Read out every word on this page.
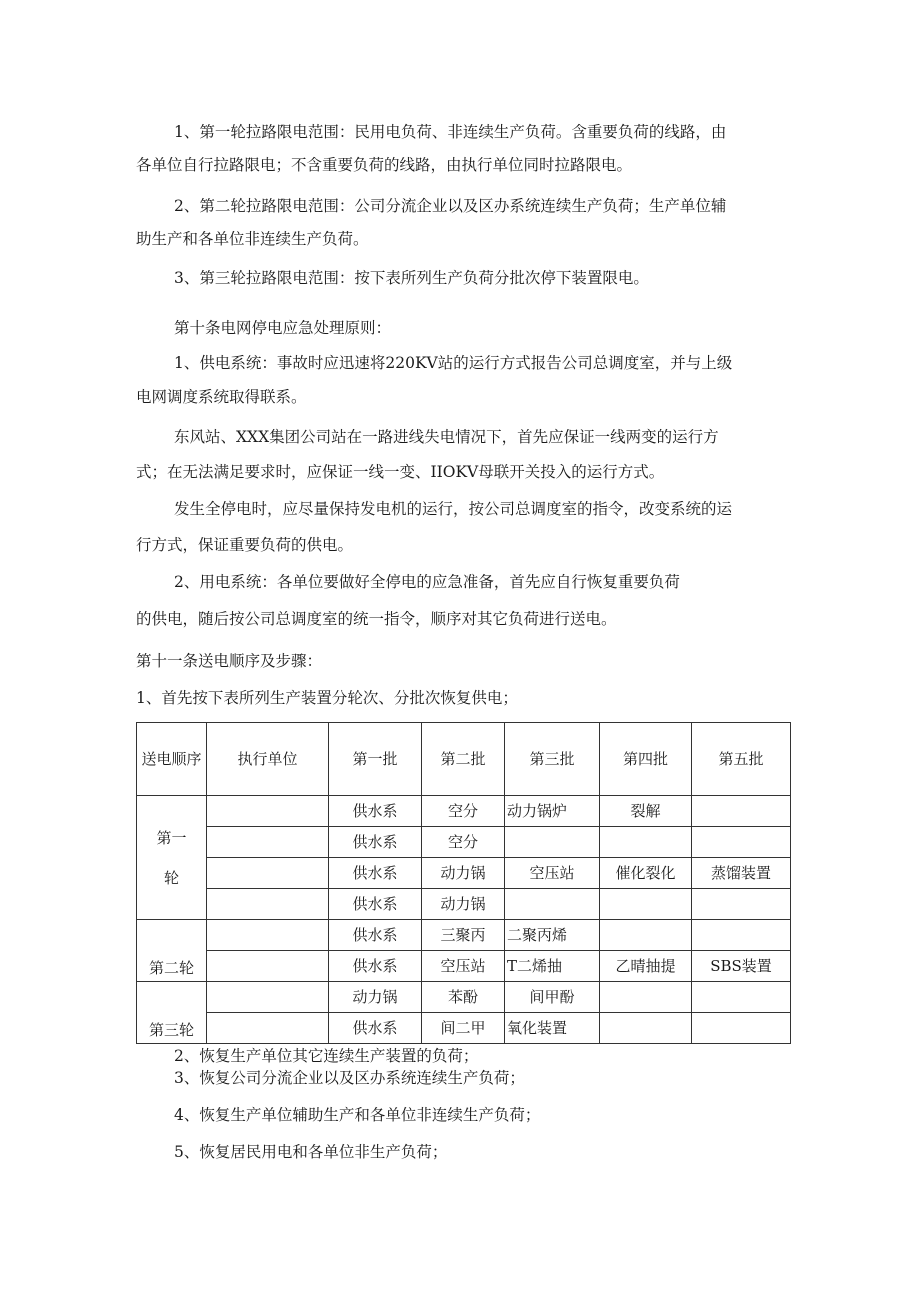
1、第一轮拉路限电范围：民用电负荷、非连续生产负荷。含重要负荷的线路，由

各单位自行拉路限电；不含重要负荷的线路，由执行单位同时拉路限电。

2、第二轮拉路限电范围：公司分流企业以及区办系统连续生产负荷；生产单位辅

助生产和各单位非连续生产负荷。

3、第三轮拉路限电范围：按下表所列生产负荷分批次停下装置限电。

第十条电网停电应急处理原则：

1、供电系统：事故时应迅速将220KV站的运行方式报告公司总调度室，并与上级

电网调度系统取得联系。

东风站、XXX集团公司站在一路进线失电情况下，首先应保证一线两变的运行方

式；在无法满足要求时，应保证一线一变、IIOKV母联开关投入的运行方式。

发生全停电时，应尽量保持发电机的运行，按公司总调度室的指令，改变系统的运

行方式，保证重要负荷的供电。

2、用电系统：各单位要做好全停电的应急准备，首先应自行恢复重要负荷

的供电，随后按公司总调度室的统一指令，顺序对其它负荷进行送电。

第十一条送电顺序及步骤：

1、首先按下表所列生产装置分轮次、分批次恢复供电；

送电顺序	执行单位	第一批	第二批	第三批	第四批	第五批
第一轮		供水系	空分	动力锅炉	裂解	
		供水系	空分			
		供水系	动力锅	空压站	催化裂化	蒸馏装置
		供水系	动力锅			
第二轮		供水系	三聚丙	二聚丙烯		
		供水系	空压站	T二烯抽	乙晴抽提	SBS装置
第三轮		动力锅	苯酚	间甲酚		
		供水系	间二甲	氧化装置		

2、恢复生产单位其它连续生产装置的负荷；

3、恢复公司分流企业以及区办系统连续生产负荷；

4、恢复生产单位辅助生产和各单位非连续生产负荷；

5、恢复居民用电和各单位非生产负荷；
